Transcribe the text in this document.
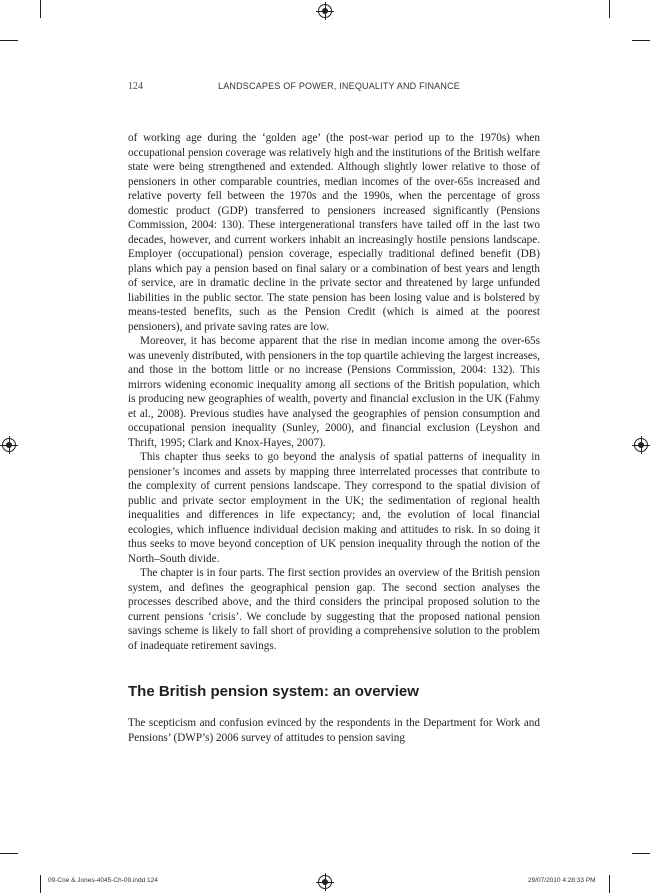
124	LANDSCAPES OF POWER, INEQUALITY AND FINANCE

of working age during the ‘golden age’ (the post-war period up to the 1970s) when occupational pension coverage was relatively high and the institutions of the British welfare state were being strengthened and extended. Although slightly lower relative to those of pensioners in other comparable countries, median incomes of the over-65s increased and relative poverty fell between the 1970s and the 1990s, when the percentage of gross domestic product (GDP) transferred to pensioners increased significantly (Pensions Commission, 2004: 130). These intergenerational transfers have tailed off in the last two decades, however, and current workers inhabit an increasingly hostile pensions landscape. Employer (occupational) pension coverage, especially traditional defined benefit (DB) plans which pay a pension based on final salary or a combination of best years and length of service, are in dramatic decline in the private sector and threatened by large unfunded liabilities in the public sector. The state pension has been losing value and is bolstered by means-tested benefits, such as the Pension Credit (which is aimed at the poorest pensioners), and private saving rates are low.

Moreover, it has become apparent that the rise in median income among the over-65s was unevenly distributed, with pensioners in the top quartile achieving the largest increases, and those in the bottom little or no increase (Pensions Commission, 2004: 132). This mirrors widening economic inequality among all sections of the British population, which is producing new geographies of wealth, poverty and financial exclusion in the UK (Fahmy et al., 2008). Previous studies have analysed the geographies of pension consumption and occupational pension inequality (Sunley, 2000), and financial exclusion (Leyshon and Thrift, 1995; Clark and Knox-Hayes, 2007).

This chapter thus seeks to go beyond the analysis of spatial patterns of inequality in pensioner’s incomes and assets by mapping three interrelated processes that contribute to the complexity of current pensions landscape. They correspond to the spatial division of public and private sector employment in the UK; the sedimentation of regional health inequalities and differences in life expectancy; and, the evolution of local financial ecologies, which influence individual decision making and attitudes to risk. In so doing it thus seeks to move beyond conception of UK pension inequality through the notion of the North–South divide.

The chapter is in four parts. The first section provides an overview of the British pension system, and defines the geographical pension gap. The second section analyses the processes described above, and the third considers the principal proposed solution to the current pensions ‘crisis’. We conclude by suggesting that the proposed national pension savings scheme is likely to fall short of providing a comprehensive solution to the problem of inadequate retirement savings.

The British pension system: an overview

The scepticism and confusion evinced by the respondents in the Department for Work and Pensions’ (DWP’s) 2006 survey of attitudes to pension saving

09-Coe & Jones-4045-Ch-09.indd 124	29/07/2010 4:28:33 PM
